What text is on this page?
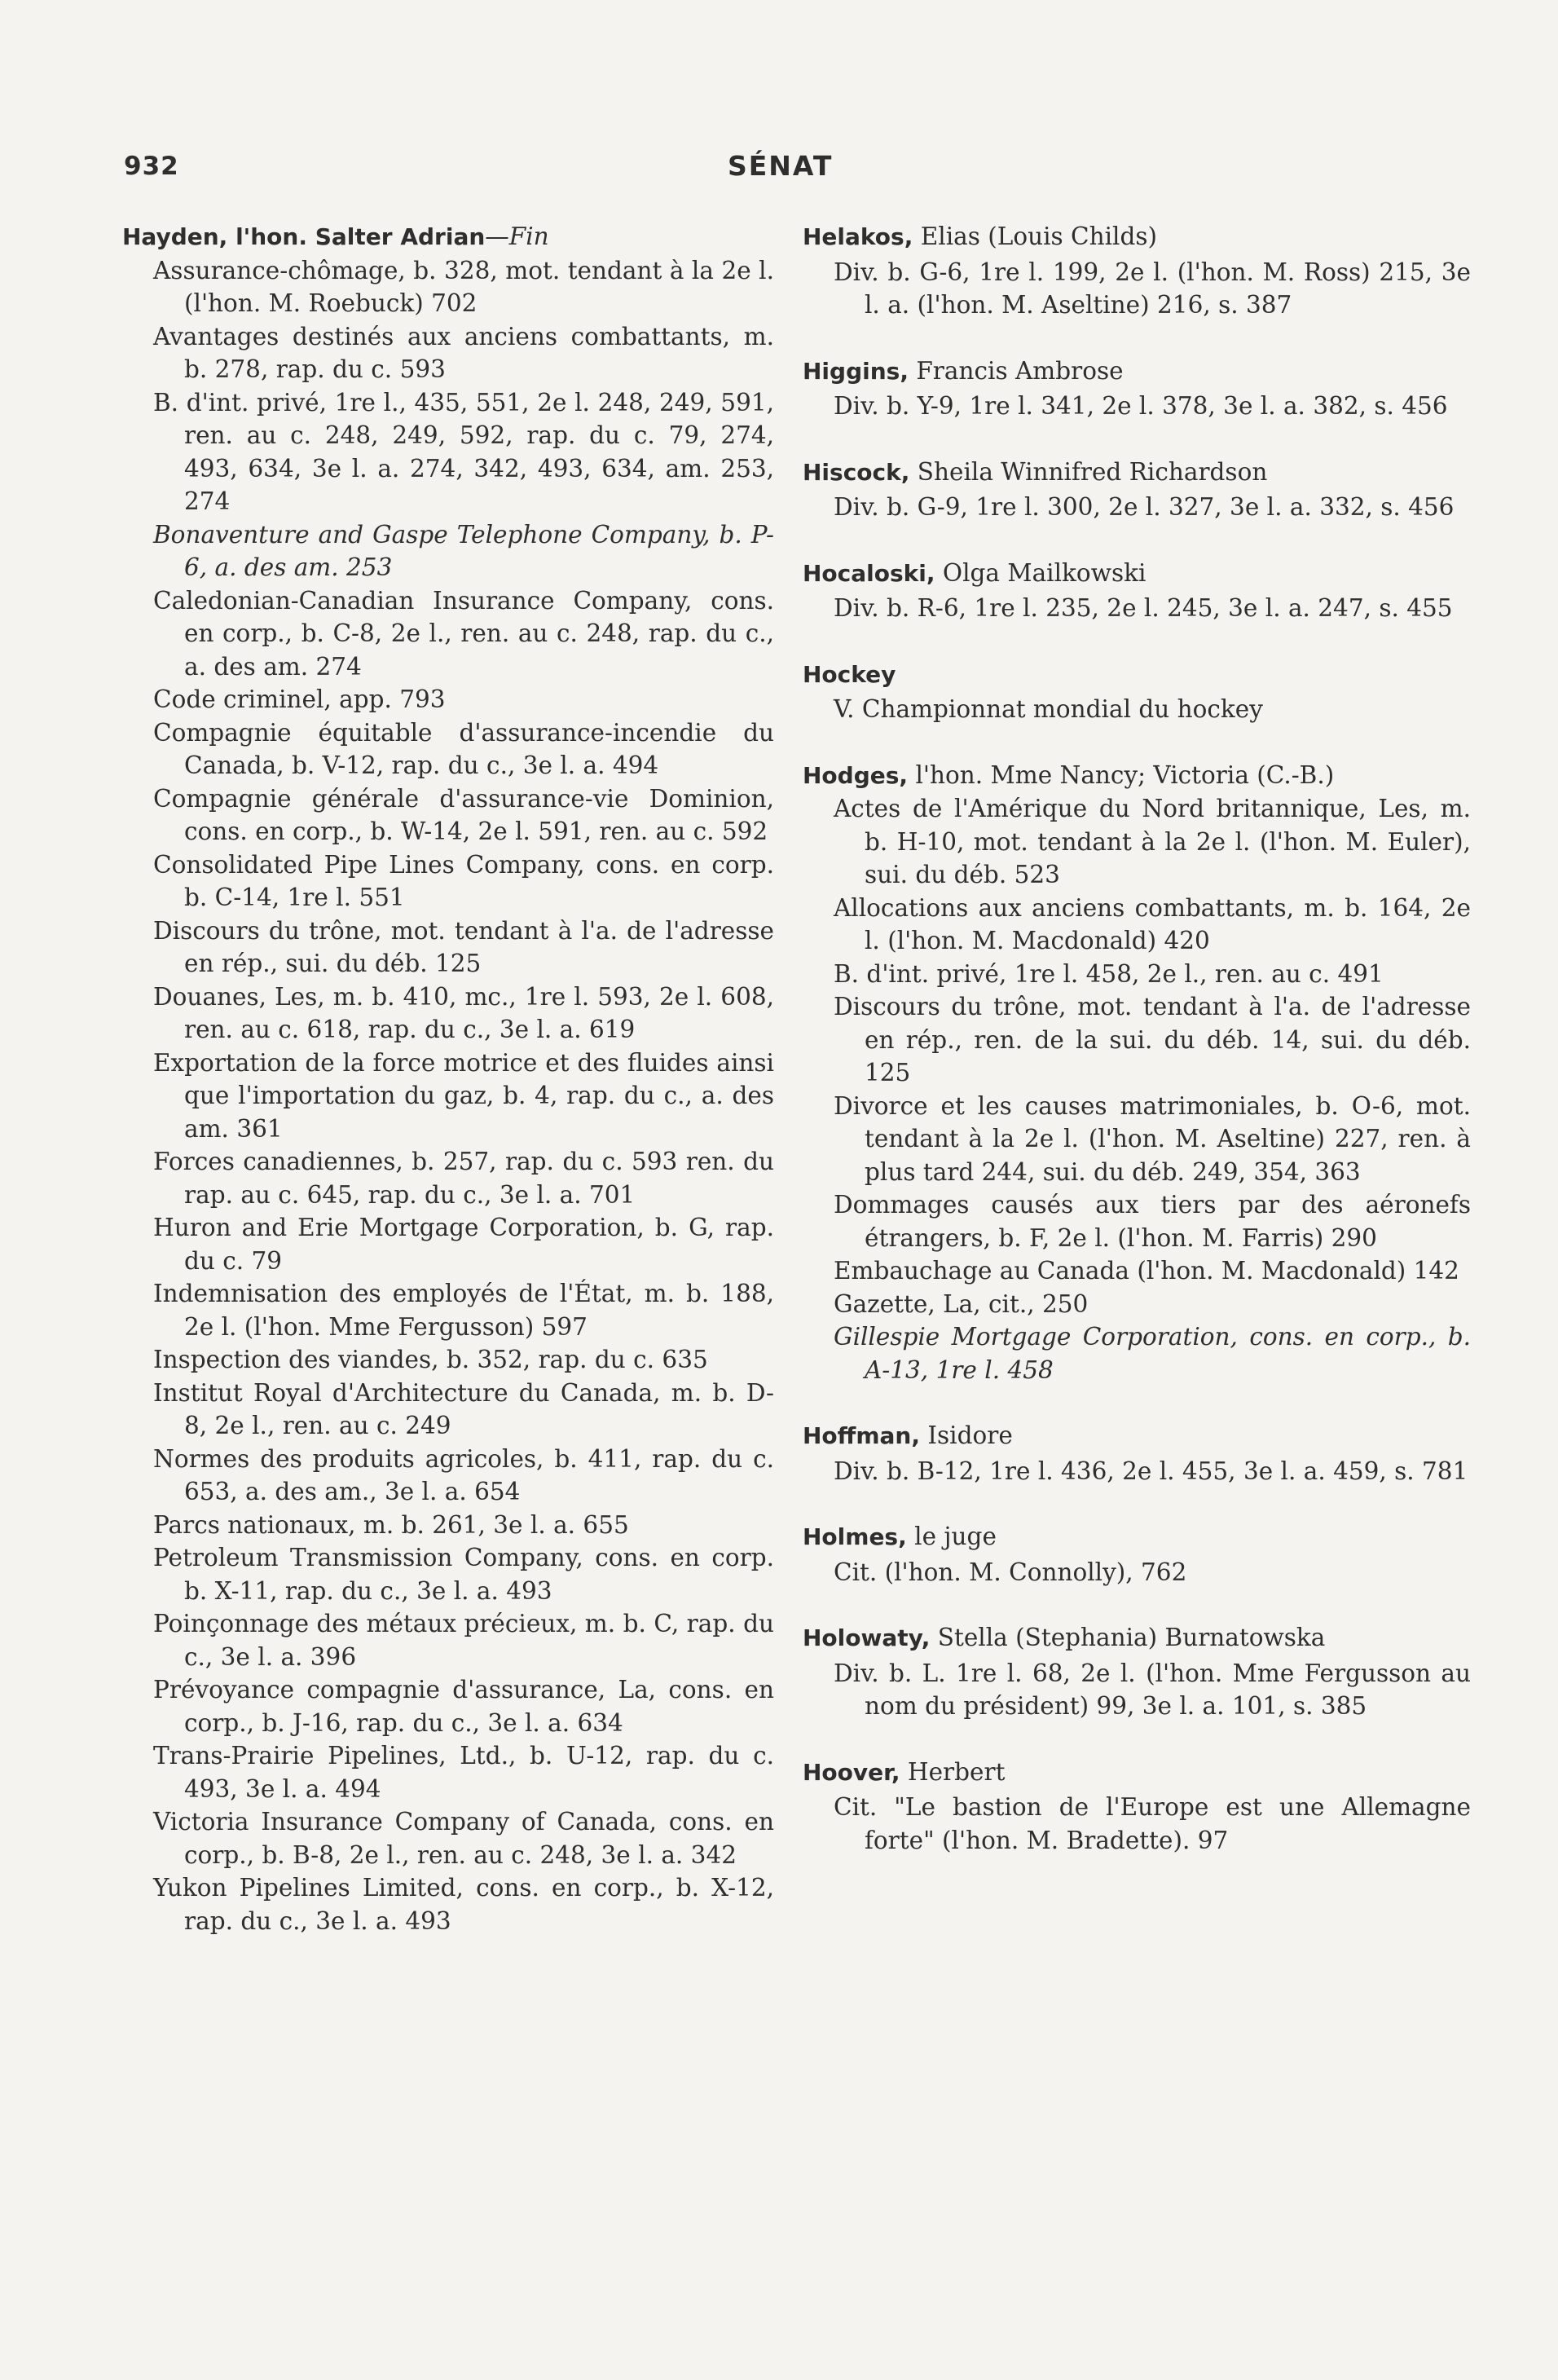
932	SÉNAT
Hayden, l'hon. Salter Adrian—Fin
Assurance-chômage, b. 328, mot. tendant à la 2e l. (l'hon. M. Roebuck) 702
Avantages destinés aux anciens combattants, m. b. 278, rap. du c. 593
B. d'int. privé, 1re l., 435, 551, 2e l. 248, 249, 591, ren. au c. 248, 249, 592, rap. du c. 79, 274, 493, 634, 3e l. a. 274, 342, 493, 634, am. 253, 274
Bonaventure and Gaspe Telephone Company, b. P-6, a. des am. 253
Caledonian-Canadian Insurance Company, cons. en corp., b. C-8, 2e l., ren. au c. 248, rap. du c., a. des am. 274
Code criminel, app. 793
Compagnie équitable d'assurance-incendie du Canada, b. V-12, rap. du c., 3e l. a. 494
Compagnie générale d'assurance-vie Dominion, cons. en corp., b. W-14, 2e l. 591, ren. au c. 592
Consolidated Pipe Lines Company, cons. en corp. b. C-14, 1re l. 551
Discours du trône, mot. tendant à l'a. de l'adresse en rép., sui. du déb. 125
Douanes, Les, m. b. 410, mc., 1re l. 593, 2e l. 608, ren. au c. 618, rap. du c., 3e l. a. 619
Exportation de la force motrice et des fluides ainsi que l'importation du gaz, b. 4, rap. du c., a. des am. 361
Forces canadiennes, b. 257, rap. du c. 593 ren. du rap. au c. 645, rap. du c., 3e l. a. 701
Huron and Erie Mortgage Corporation, b. G, rap. du c. 79
Indemnisation des employés de l'État, m. b. 188, 2e l. (l'hon. Mme Fergusson) 597
Inspection des viandes, b. 352, rap. du c. 635
Institut Royal d'Architecture du Canada, m. b. D-8, 2e l., ren. au c. 249
Normes des produits agricoles, b. 411, rap. du c. 653, a. des am., 3e l. a. 654
Parcs nationaux, m. b. 261, 3e l. a. 655
Petroleum Transmission Company, cons. en corp. b. X-11, rap. du c., 3e l. a. 493
Poinçonnage des métaux précieux, m. b. C, rap. du c., 3e l. a. 396
Prévoyance compagnie d'assurance, La, cons. en corp., b. J-16, rap. du c., 3e l. a. 634
Trans-Prairie Pipelines, Ltd., b. U-12, rap. du c. 493, 3e l. a. 494
Victoria Insurance Company of Canada, cons. en corp., b. B-8, 2e l., ren. au c. 248, 3e l. a. 342
Yukon Pipelines Limited, cons. en corp., b. X-12, rap. du c., 3e l. a. 493
Helakos, Elias (Louis Childs)
Div. b. G-6, 1re l. 199, 2e l. (l'hon. M. Ross) 215, 3e l. a. (l'hon. M. Aseltine) 216, s. 387
Higgins, Francis Ambrose
Div. b. Y-9, 1re l. 341, 2e l. 378, 3e l. a. 382, s. 456
Hiscock, Sheila Winnifred Richardson
Div. b. G-9, 1re l. 300, 2e l. 327, 3e l. a. 332, s. 456
Hocaloski, Olga Mailkowski
Div. b. R-6, 1re l. 235, 2e l. 245, 3e l. a. 247, s. 455
Hockey
V. Championnat mondial du hockey
Hodges, l'hon. Mme Nancy; Victoria (C.-B.)
Actes de l'Amérique du Nord britannique, Les, m. b. H-10, mot. tendant à la 2e l. (l'hon. M. Euler), sui. du déb. 523
Allocations aux anciens combattants, m. b. 164, 2e l. (l'hon. M. Macdonald) 420
B. d'int. privé, 1re l. 458, 2e l., ren. au c. 491
Discours du trône, mot. tendant à l'a. de l'adresse en rép., ren. de la sui. du déb. 14, sui. du déb. 125
Divorce et les causes matrimoniales, b. O-6, mot. tendant à la 2e l. (l'hon. M. Aseltine) 227, ren. à plus tard 244, sui. du déb. 249, 354, 363
Dommages causés aux tiers par des aéronefs étrangers, b. F, 2e l. (l'hon. M. Farris) 290
Embauchage au Canada (l'hon. M. Macdonald) 142
Gazette, La, cit., 250
Gillespie Mortgage Corporation, cons. en corp., b. A-13, 1re l. 458
Hoffman, Isidore
Div. b. B-12, 1re l. 436, 2e l. 455, 3e l. a. 459, s. 781
Holmes, le juge
Cit. (l'hon. M. Connolly), 762
Holowaty, Stella (Stephania) Burnatowska
Div. b. L. 1re l. 68, 2e l. (l'hon. Mme Fergusson au nom du président) 99, 3e l. a. 101, s. 385
Hoover, Herbert
Cit. "Le bastion de l'Europe est une Allemagne forte" (l'hon. M. Bradette). 97
